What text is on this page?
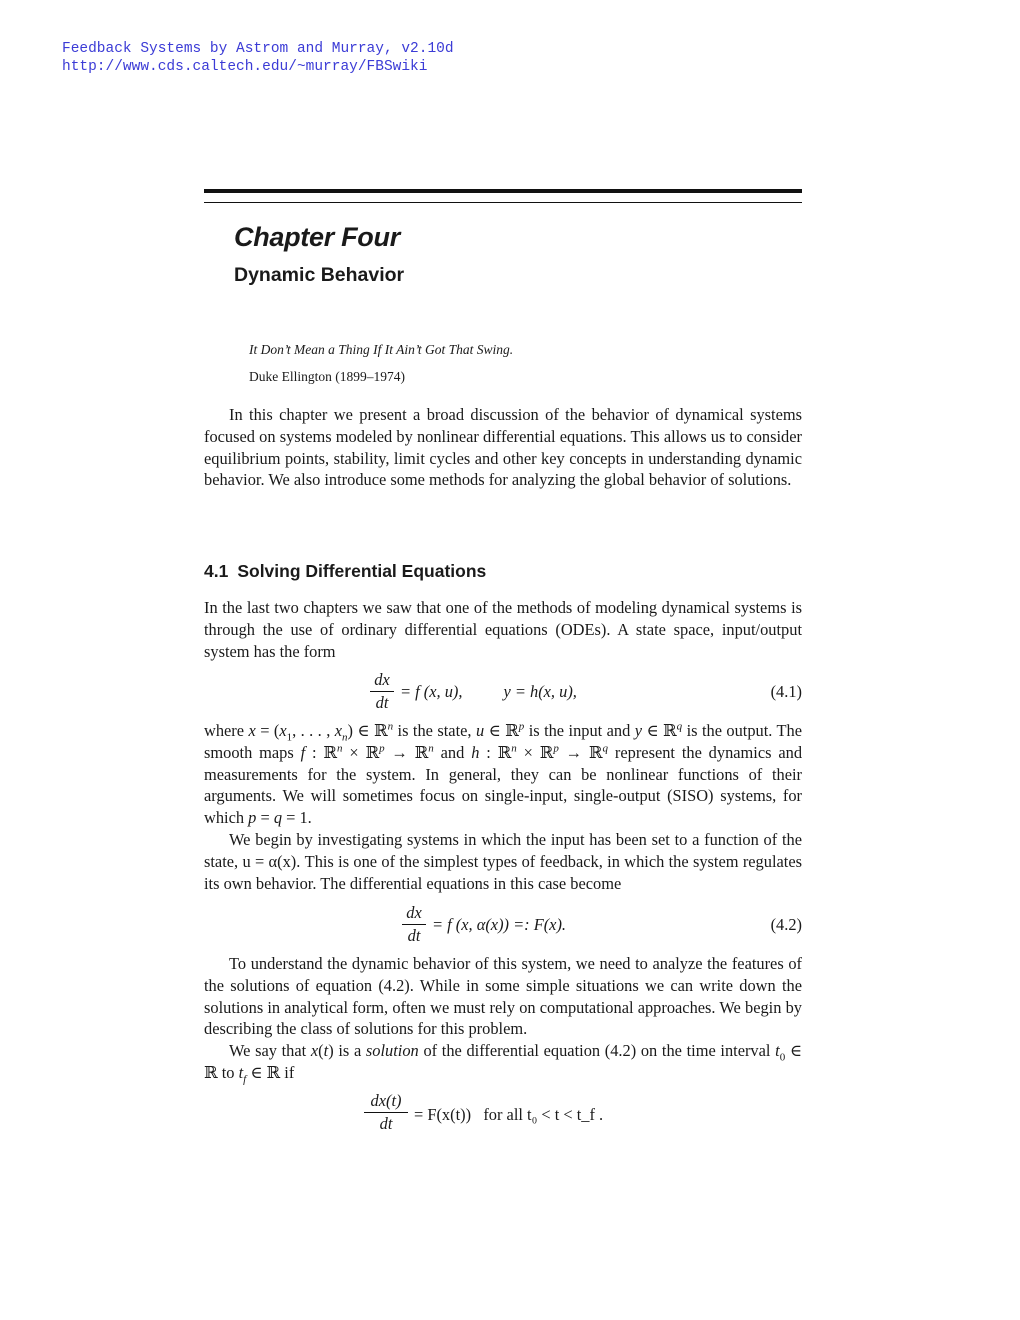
Feedback Systems by Astrom and Murray, v2.10d
http://www.cds.caltech.edu/~murray/FBSwiki
Chapter Four
Dynamic Behavior
It Don’t Mean a Thing If It Ain’t Got That Swing.
Duke Ellington (1899–1974)

In this chapter we present a broad discussion of the behavior of dynamical systems focused on systems modeled by nonlinear differential equations. This allows us to consider equilibrium points, stability, limit cycles and other key concepts in understanding dynamic behavior. We also introduce some methods for analyzing the global behavior of solutions.

4.1 Solving Differential Equations

In the last two chapters we saw that one of the methods of modeling dynamical systems is through the use of ordinary differential equations (ODEs). A state space, input/output system has the form

dx
dt
= f (x, u),          y = h(x, u),	(4.1)

where $x = (x_1$, . . . , $x_n$) ∈ ℝ$^n$ is the state, u ∈ ℝ$^p$ is the input and y ∈ ℝ$^q$ is the output. The smooth maps f : ℝ$^n$ × ℝ$^p$ → ℝ$^n$ and h : ℝ$^n$ × ℝ$^p$ → ℝ$^q$ represent the dynamics and measurements for the system. In general, they can be nonlinear functions of their arguments. We will sometimes focus on single-input, single-output (SISO) systems, for which p = q = 1.

We begin by investigating systems in which the input has been set to a function of the state, u = α(x). This is one of the simplest types of feedback, in which the system regulates its own behavior. The differential equations in this case become

dx
dt
= f (x, α(x)) =: F(x).	(4.2)

To understand the dynamic behavior of this system, we need to analyze the features of the solutions of equation (4.2). While in some simple situations we can write down the solutions in analytical form, often we must rely on computational approaches. We begin by describing the class of solutions for this problem.

We say that x(t) is a solution of the differential equation (4.2) on the time interval $t_0$ ∈ ℝ to $t_f$ ∈ ℝ if

dx(t)
dt	= F(x(t))   for all t₀ < t < t_f .
